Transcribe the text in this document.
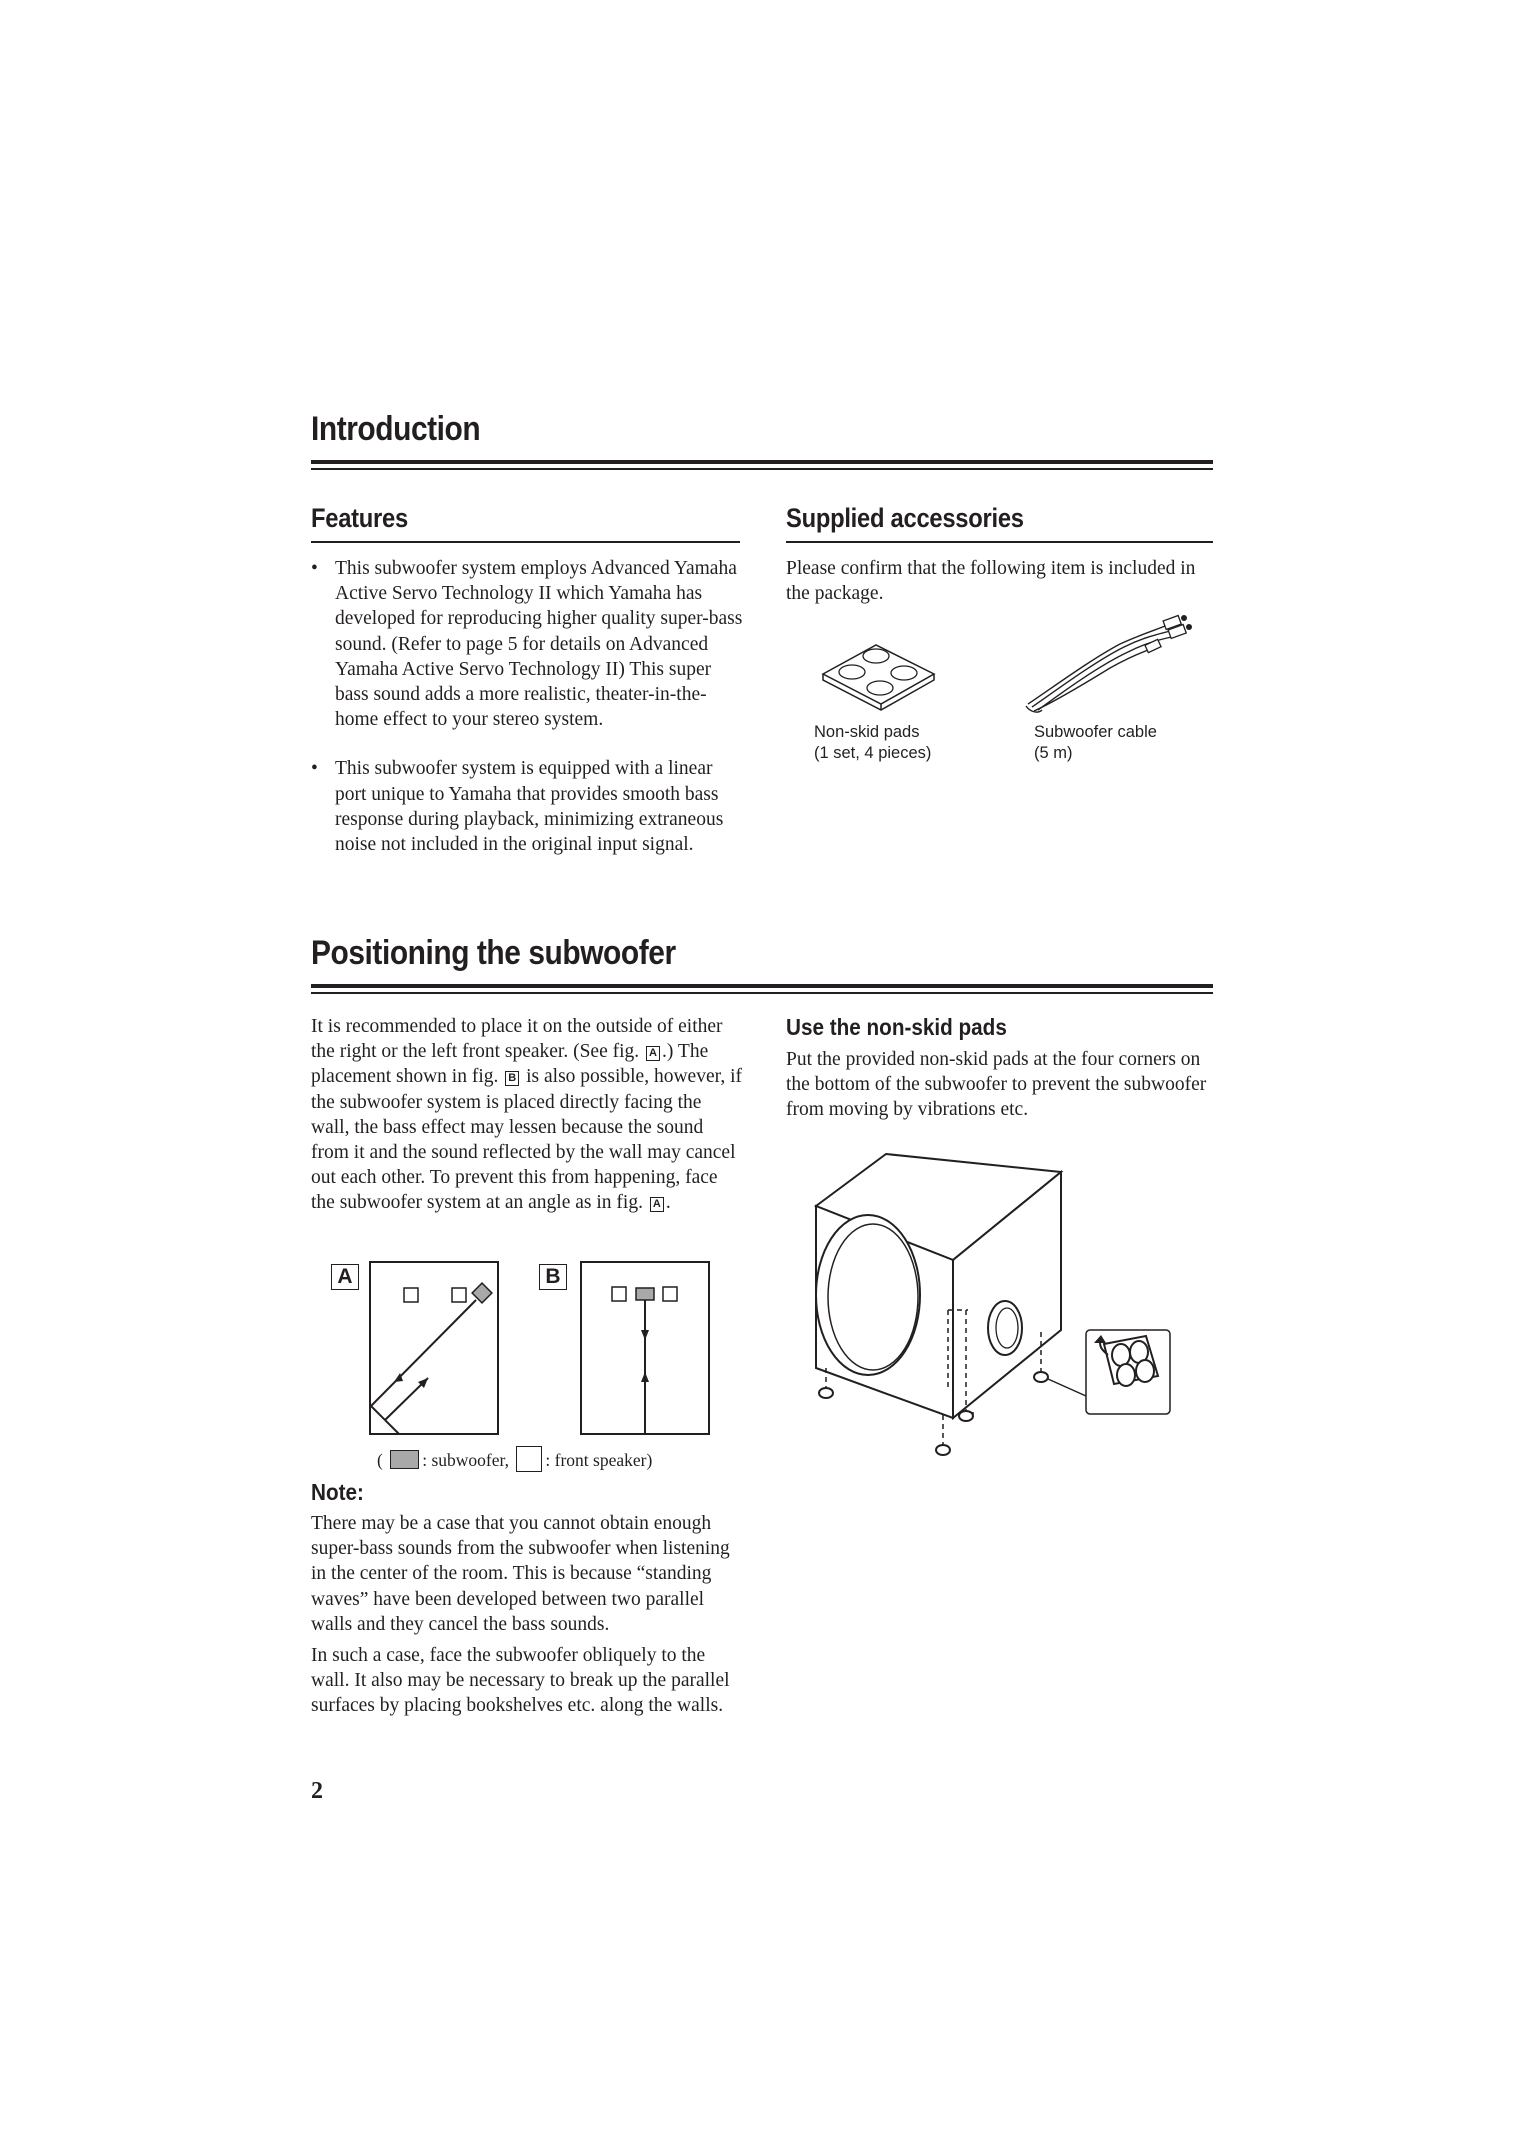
Introduction
Features
• This subwoofer system employs Advanced Yamaha Active Servo Technology II which Yamaha has developed for reproducing higher quality super-bass sound. (Refer to page 5 for details on Advanced Yamaha Active Servo Technology II) This super bass sound adds a more realistic, theater-in-the-home effect to your stereo system.
• This subwoofer system is equipped with a linear port unique to Yamaha that provides smooth bass response during playback, minimizing extraneous noise not included in the original input signal.
Supplied accessories
Please confirm that the following item is included in the package.
Non-skid pads
(1 set, 4 pieces)
Subwoofer cable
(5 m)
Positioning the subwoofer
It is recommended to place it on the outside of either the right or the left front speaker. (See fig. A .) The placement shown in fig. B is also possible, however, if the subwoofer system is placed directly facing the wall, the bass effect may lessen because the sound from it and the sound reflected by the wall may cancel out each other. To prevent this from happening, face the subwoofer system at an angle as in fig. A .
A	B
( : subwoofer, : front speaker)
Note:

There may be a case that you cannot obtain enough super-bass sounds from the subwoofer when listening in the center of the room. This is because “standing waves” have been developed between two parallel walls and they cancel the bass sounds.

In such a case, face the subwoofer obliquely to the wall. It also may be necessary to break up the parallel surfaces by placing bookshelves etc. along the walls.

Use the non-skid pads
Put the provided non-skid pads at the four corners on the bottom of the subwoofer to prevent the subwoofer from moving by vibrations etc.
2
